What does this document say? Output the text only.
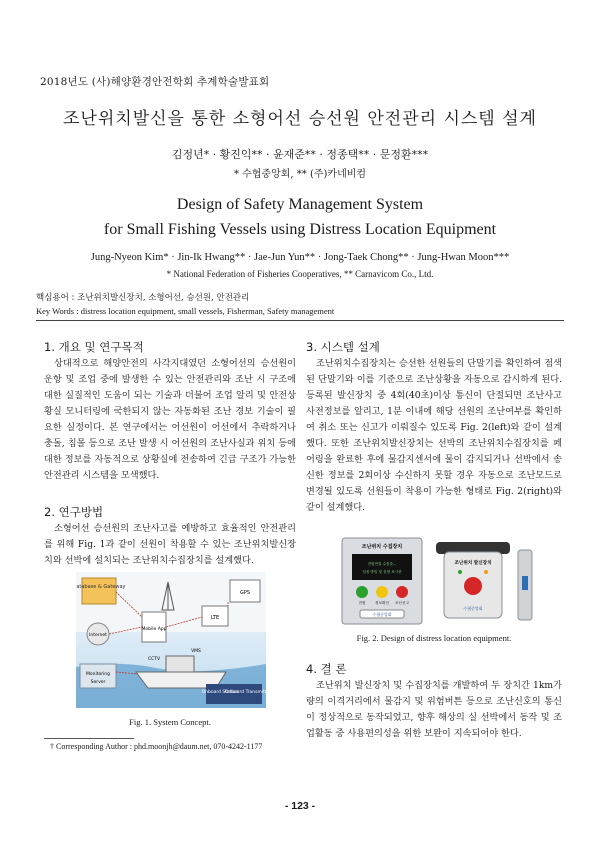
2018년도 (사)해양환경안전학회 추계학술발표회
조난위치발신을 통한 소형어선 승선원 안전관리 시스템 설계
김정년* · 황진익** · 윤재준** · 정종택** · 문정환***
* 수협중앙회, ** (주)카네비컴
Design of Safety Management System
for Small Fishing Vessels using Distress Location Equipment
Jung-Nyeon Kim* · Jin-Ik Hwang** · Jae-Jun Yun** · Jong-Taek Chong** · Jung-Hwan Moon***
* National Federation of Fisheries Cooperatives, ** Carnavicom Co., Ltd.
핵심용어 : 조난위치발신장치, 소형어선, 승선원, 안전관리
Key Words : distress location equipment, small vessels, Fisherman, Safety management
1. 개요 및 연구목적
상대적으로 해양안전의 사각지대였던 소형어선의 승선원이 운항 및 조업 중에 발생한 수 있는 안전관리와 조난 시 구조에 대한 실질적인 도움이 되는 기술과 더불어 조업 알리 및 안전상황실 모니터링에 국한되지 않는 자동화된 조난 경보 기술이 필요한 실정이다. 본 연구에서는 어선원이 어선에서 추락하거나 충돌, 침몰 등으로 조난 발생 시 어선원의 조난사실과 위치 등에 대한 정보를 자동적으로 상황실에 전송하여 긴급 구조가 가능한 안전관리 시스템을 모색했다.
2. 연구방법
소형어선 승선원의 조난사고를 예방하고 효율적인 안전관리를 위해 Fig. 1과 같이 선원이 착용할 수 있는 조난위치발신장치와 선박에 설치되는 조난위치수집장치를 설계했다.
Database & Gateway
Internet
Monitoring
Server
Mobile App
LTE
GPS
CCTV
VMS
Onboard Station
Onboard Transmit
Fig. 1. System Concept.
† Corresponding Author : phd.moonjh@daum.net, 070-4242-1177
3. 시스템 설계
조난위치수집장치는 승선한 선원들의 단말기를 확인하여 점색된 단말기와 이를 기준으로 조난상황을 자동으로 감시하게 된다. 등록된 발신장치 중 4회(40초)이상 통신이 단절되면 조난사고 사전정보를 알리고, 1분 이내에 해당 선원의 조난여부를 확인하여 취소 또는 신고가 이뤄질수 있도록 Fig. 2(left)와 같이 설계했다. 또한 조난위치발신장치는 선박의 조난위치수집장치를 페어링을 완료한 후에 물감지센서에 물이 감지되거나 선박에서 송신한 정보를 2회이상 수신하지 못할 경우 자동으로 조난모드로 변경될 있도록 선원들이 착용이 가능한 형태로 Fig. 2(right)와 같이 설계했다.
조난위치 수집장치
전원연결 수집을...
설정 방법 및 설명 표시중
전원	경보확인 조난신고
수협중앙회
조난위치 발신장치
수협중앙회
Fig. 2. Design of distress location equipment.
4. 결 론
조난위치 발신장치 및 수집장치를 개발하여 두 장치간 1km가량의 이격거리에서 물감지 및 위험버튼 등으로 조난신호의 통신이 정상적으로 동작되었고, 향후 해상의 실 선박에서 동작 및 조업활동 중 사용편의성을 위한 보완이 지속되어야 한다.
- 123 -
